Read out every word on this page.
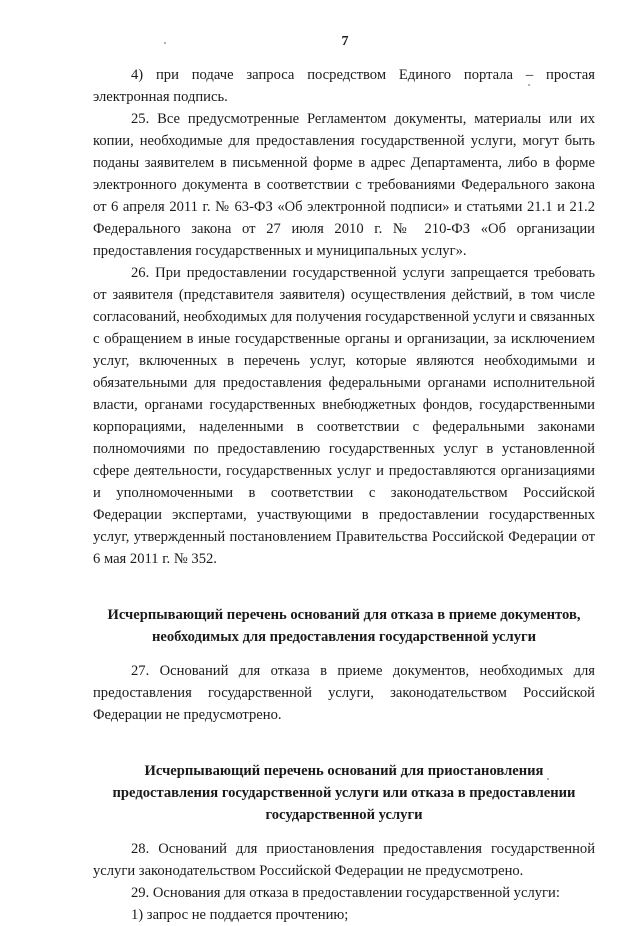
7

4) при подаче запроса посредством Единого портала – простая электронная подпись.

25. Все предусмотренные Регламентом документы, материалы или их копии, необходимые для предоставления государственной услуги, могут быть поданы заявителем в письменной форме в адрес Департамента, либо в форме электронного документа в соответствии с требованиями Федерального закона от 6 апреля 2011 г. № 63-ФЗ «Об электронной подписи» и статьями 21.1 и 21.2 Федерального закона от 27 июля 2010 г. № 210-ФЗ «Об организации предоставления государственных и муниципальных услуг».

26. При предоставлении государственной услуги запрещается требовать от заявителя (представителя заявителя) осуществления действий, в том числе согласований, необходимых для получения государственной услуги и связанных с обращением в иные государственные органы и организации, за исключением услуг, включенных в перечень услуг, которые являются необходимыми и обязательными для предоставления федеральными органами исполнительной власти, органами государственных внебюджетных фондов, государственными корпорациями, наделенными в соответствии с федеральными законами полномочиями по предоставлению государственных услуг в установленной сфере деятельности, государственных услуг и предоставляются организациями и уполномоченными в соответствии с законодательством Российской Федерации экспертами, участвующими в предоставлении государственных услуг, утвержденный постановлением Правительства Российской Федерации от 6 мая 2011 г. № 352.

Исчерпывающий перечень оснований для отказа в приеме документов, необходимых для предоставления государственной услуги

27. Оснований для отказа в приеме документов, необходимых для предоставления государственной услуги, законодательством Российской Федерации не предусмотрено.

Исчерпывающий перечень оснований для приостановления предоставления государственной услуги или отказа в предоставлении государственной услуги

28. Оснований для приостановления предоставления государственной услуги законодательством Российской Федерации не предусмотрено.

29. Основания для отказа в предоставлении государственной услуги:

1) запрос не поддается прочтению;
